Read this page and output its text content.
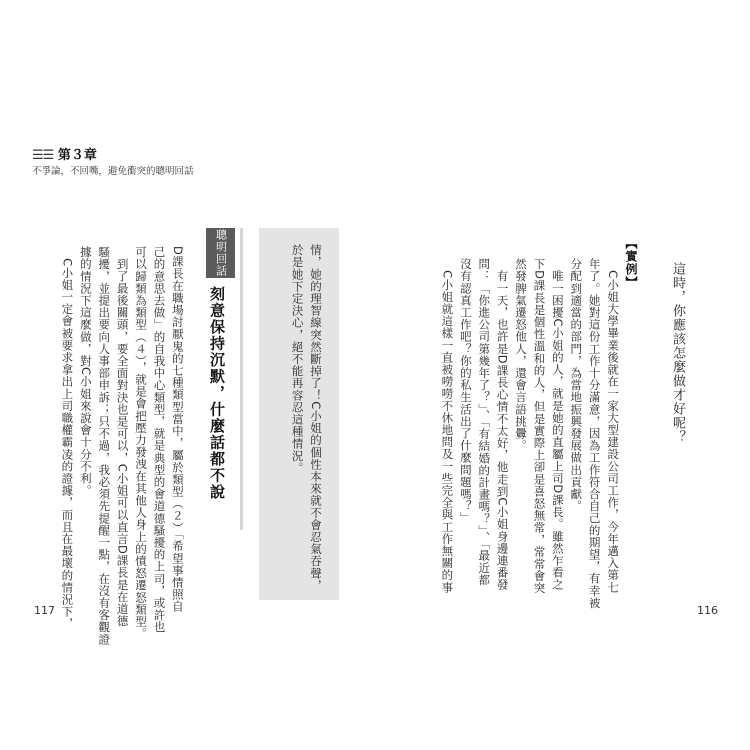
☰☰ 第３章
不爭論，不回嘴，避免衝突的聰明回話
D課長在職場討厭鬼的七種類型當中，屬於類型（２）「希望事情照自
己的意思去做」的自我中心類型，就是典型的會道德騷擾的上司，或許也
可以歸類為類型（４），就是會把壓力發洩在其他人身上的憤怒遷怒類型。
　到了最後關頭，要全面對決也是可以，C小姐可以直言D課長是在道德
騷擾，並提出要向人事部申訴；只不過，我必須先提醒一點，在沒有客觀證
據的情況下這麼做，對C小姐來說會十分不利。
　C小姐一定會被要求拿出上司職權霸凌的證據，而且在最壞的情況下，	聰明回話
刻意保持沉默，什麼話都不說	情，她的理智線突然斷掉了！C小姐的個性本來就不會忍氣吞聲，
於是她下定決心，絕不能再容忍這種情況。	　C小姐大學畢業後就在一家大型建設公司工作，今年邁入第七
年了。她對這份工作十分滿意，因為工作符合自己的期望，有幸被
分配到適當的部門，為當地振興發展做出貢獻。
　唯一困擾C小姐的人，就是她的直屬上司D課長。雖然乍看之
下D課長是個性溫和的人，但是實際上卻是喜怒無常，常常會突
然發脾氣遷怒他人，還會言語挑釁。
　有一天，也許是D課長心情不太好，他走到C小姐身邊連番發
問：「你進公司第幾年了？」、「有結婚的計畫嗎？」、「最近都
沒有認真工作吧？你的私生活出了什麼問題嗎？」
　C小姐就這樣一直被嘮嘮不休地問及一些完全與工作無關的事	【實例】 這時，你應該怎麼做才好呢？
117	116
